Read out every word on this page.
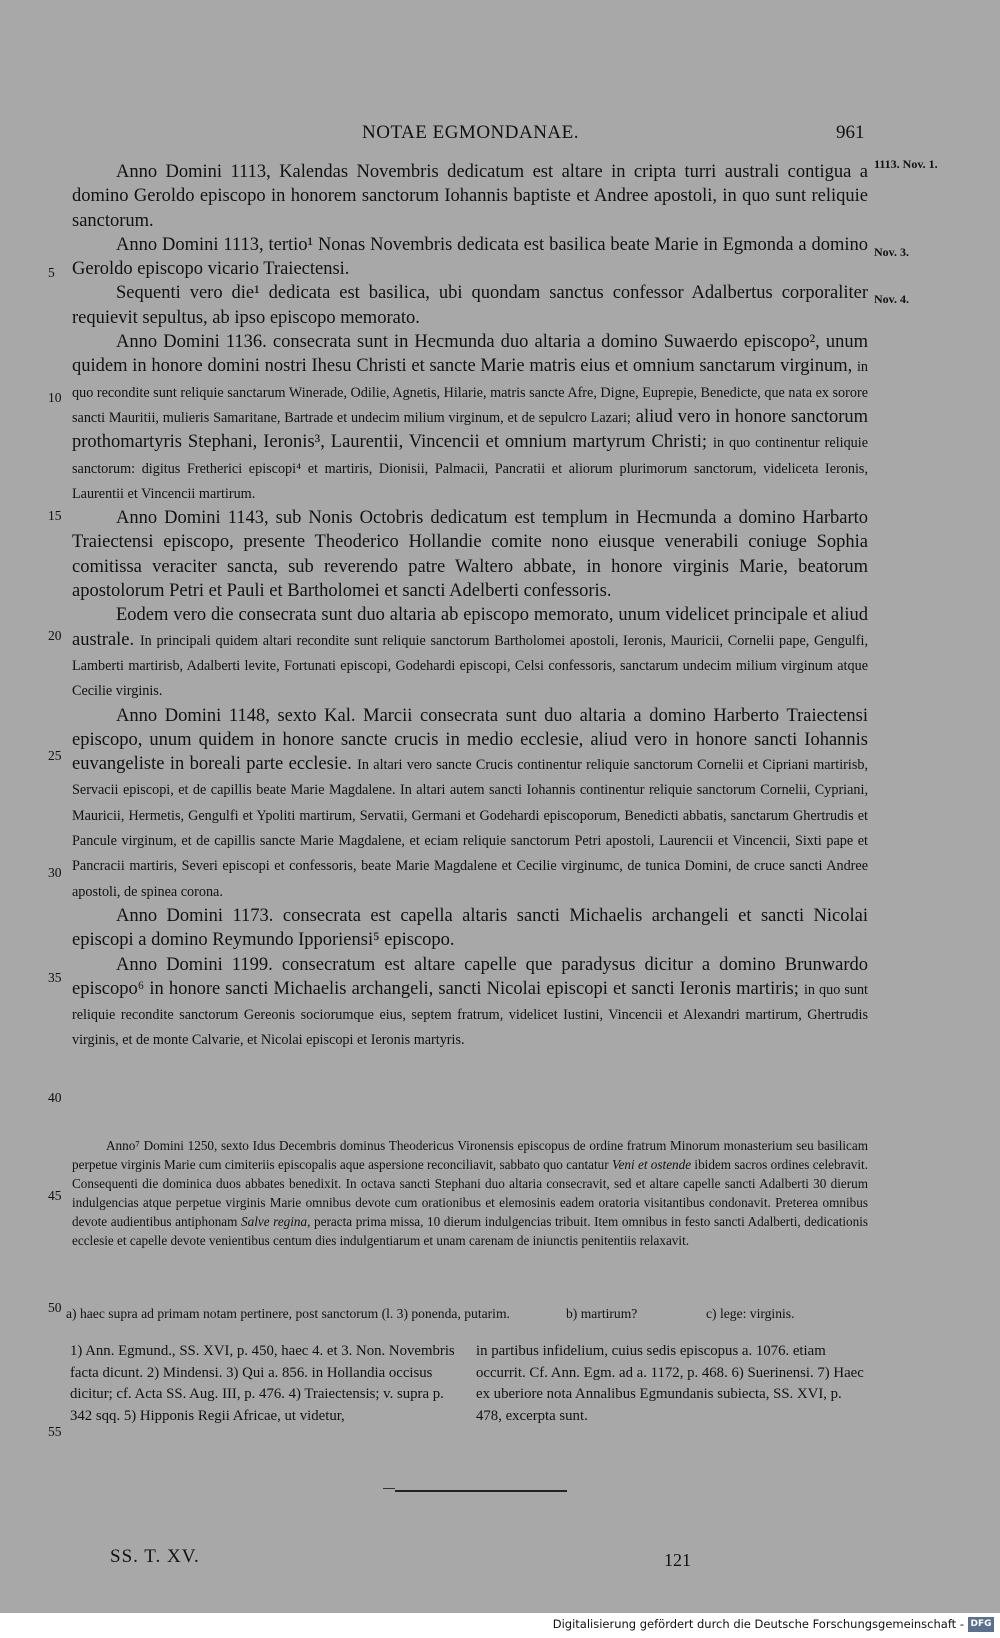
NOTAE EGMONDANAE.	961
1113. Nov. 1.
Nov. 3.
Nov. 4.
5
10
15
20
25
30
35
40
45
50
55

Anno Domini 1113, Kalendas Novembris dedicatum est altare in cripta turri australi contigua a domino Geroldo episcopo in honorem sanctorum Iohannis baptiste et Andree apostoli, in quo sunt reliquie sanctorum.

Anno Domini 1113, tertio¹ Nonas Novembris dedicata est basilica beate Marie in Egmonda a domino Geroldo episcopo vicario Traiectensi.

Sequenti vero die¹ dedicata est basilica, ubi quondam sanctus confessor Adalbertus corporaliter requievit sepultus, ab ipso episcopo memorato.

Anno Domini 1136. consecrata sunt in Hecmunda duo altaria a domino Suwaerdo episcopo², unum quidem in honore domini nostri Ihesu Christi et sancte Marie matris eius et omnium sanctarum virginum, in quo recondite sunt reliquie sanctarum Winerade, Odilie, Agnetis, Hilarie, matris sancte Afre, Digne, Euprepie, Benedicte, que nata ex sorore sancti Mauritii, mulieris Samaritane, Bartrade et undecim milium virginum, et de sepulcro Lazari; aliud vero in honore sanctorum prothomartyris Stephani, Ieronis³, Laurentii, Vincencii et omnium martyrum Christi; in quo continentur reliquie sanctorum: digitus Fretherici episcopi⁴ et martiris, Dionisii, Palmacii, Pancratii et aliorum plurimorum sanctorum, videliceta Ieronis, Laurentii et Vincencii martirum.

Anno Domini 1143, sub Nonis Octobris dedicatum est templum in Hecmunda a domino Harbarto Traiectensi episcopo, presente Theoderico Hollandie comite nono eiusque venerabili coniuge Sophia comitissa veraciter sancta, sub reverendo patre Waltero abbate, in honore virginis Marie, beatorum apostolorum Petri et Pauli et Bartholomei et sancti Adelberti confessoris.

Eodem vero die consecrata sunt duo altaria ab episcopo memorato, unum videlicet principale et aliud australe. In principali quidem altari recondite sunt reliquie sanctorum Bartholomei apostoli, Ieronis, Mauricii, Cornelii pape, Gengulfi, Lamberti martirisb, Adalberti levite, Fortunati episcopi, Godehardi episcopi, Celsi confessoris, sanctarum undecim milium virginum atque Cecilie virginis.

Anno Domini 1148, sexto Kal. Marcii consecrata sunt duo altaria a domino Harberto Traiectensi episcopo, unum quidem in honore sancte crucis in medio ecclesie, aliud vero in honore sancti Iohannis euvangeliste in boreali parte ecclesie. In altari vero sancte Crucis continentur reliquie sanctorum Cornelii et Cipriani martirisb, Servacii episcopi, et de capillis beate Marie Magdalene. In altari autem sancti Iohannis continentur reliquie sanctorum Cornelii, Cypriani, Mauricii, Hermetis, Gengulfi et Ypoliti martirum, Servatii, Germani et Godehardi episcoporum, Benedicti abbatis, sanctarum Ghertrudis et Pancule virginum, et de capillis sancte Marie Magdalene, et eciam reliquie sanctorum Petri apostoli, Laurencii et Vincencii, Sixti pape et Pancracii martiris, Severi episcopi et confessoris, beate Marie Magdalene et Cecilie virginumc, de tunica Domini, de cruce sancti Andree apostoli, de spinea corona.

Anno Domini 1173. consecrata est capella altaris sancti Michaelis archangeli et sancti Nicolai episcopi a domino Reymundo Ipporiensi⁵ episcopo.

Anno Domini 1199. consecratum est altare capelle que paradysus dicitur a domino Brunwardo episcopo⁶ in honore sancti Michaelis archangeli, sancti Nicolai episcopi et sancti Ieronis martiris; in quo sunt reliquie recondite sanctorum Gereonis sociorumque eius, septem fratrum, videlicet Iustini, Vincencii et Alexandri martirum, Ghertrudis virginis, et de monte Calvarie, et Nicolai episcopi et Ieronis martyris.

Anno⁷ Domini 1250, sexto Idus Decembris dominus Theodericus Vironensis episcopus de ordine fratrum Minorum monasterium seu basilicam perpetue virginis Marie cum cimiteriis episcopalis aque aspersione reconciliavit, sabbato quo cantatur Veni et ostende ibidem sacros ordines celebravit. Consequenti die dominica duos abbates benedixit. In octava sancti Stephani duo altaria consecravit, sed et altare capelle sancti Adalberti 30 dierum indulgencias atque perpetue virginis Marie omnibus devote cum orationibus et elemosinis eadem oratoria visitantibus condonavit. Preterea omnibus devote audientibus antiphonam Salve regina, peracta prima missa, 10 dierum indulgencias tribuit. Item omnibus in festo sancti Adalberti, dedicationis ecclesie et capelle devote venientibus centum dies indulgentiarum et unam carenam de iniunctis penitentiis relaxavit.

a) haec supra ad primam notam pertinere, post sanctorum (l. 3) ponenda, putarim.	b) martirum?	c) lege: virginis.
1) Ann. Egmund., SS. XVI, p. 450, haec 4. et 3. Non. Novembris facta dicunt. 2) Mindensi. 3) Qui a. 856. in Hollandia occisus dicitur; cf. Acta SS. Aug. III, p. 476. 4) Traiectensis; v. supra p. 342 sqq. 5) Hipponis Regii Africae, ut videtur,
in partibus infidelium, cuius sedis episcopus a. 1076. etiam occurrit. Cf. Ann. Egm. ad a. 1172, p. 468. 6) Suerinensi. 7) Haec ex uberiore nota Annalibus Egmundanis subiecta, SS. XVI, p. 478, excerpta sunt.
SS. T. XV.	121
Digitalisierung gefördert durch die Deutsche Forschungsgemeinschaft - DFG
